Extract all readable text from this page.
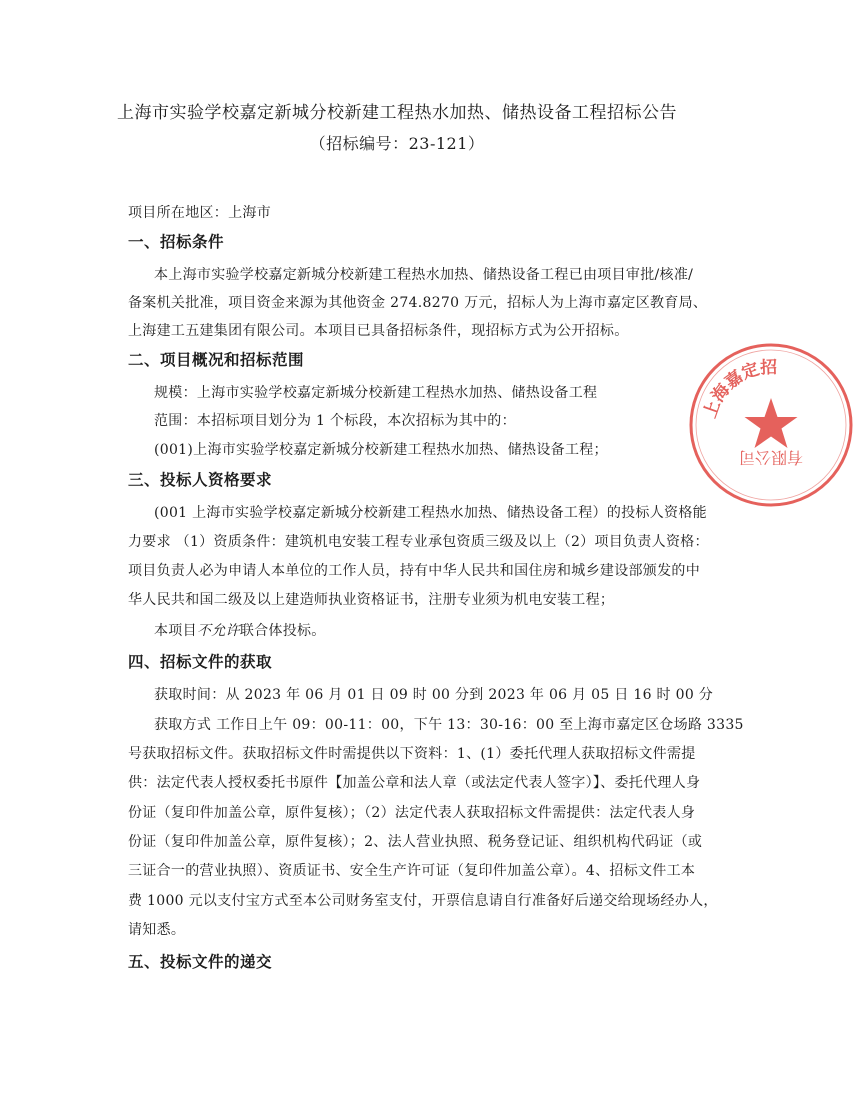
上海市实验学校嘉定新城分校新建工程热水加热、储热设备工程招标公告
（招标编号：23-121）
项目所在地区：上海市
一、招标条件
本上海市实验学校嘉定新城分校新建工程热水加热、储热设备工程已由项目审批/核准/
备案机关批准，项目资金来源为其他资金 274.8270 万元，招标人为上海市嘉定区教育局、
上海建工五建集团有限公司。本项目已具备招标条件，现招标方式为公开招标。
二、项目概况和招标范围
规模：上海市实验学校嘉定新城分校新建工程热水加热、储热设备工程
范围：本招标项目划分为 1 个标段，本次招标为其中的：
(001)上海市实验学校嘉定新城分校新建工程热水加热、储热设备工程；
三、投标人资格要求
(001 上海市实验学校嘉定新城分校新建工程热水加热、储热设备工程）的投标人资格能
力要求 （1）资质条件：建筑机电安装工程专业承包资质三级及以上（2）项目负责人资格：
项目负责人必为申请人本单位的工作人员，持有中华人民共和国住房和城乡建设部颁发的中
华人民共和国二级及以上建造师执业资格证书，注册专业须为机电安装工程；
本项目不允许联合体投标。
四、招标文件的获取
获取时间：从 2023 年 06 月 01 日 09 时 00 分到 2023 年 06 月 05 日 16 时 00 分
获取方式 工作日上午 09：00-11：00，下午 13：30-16：00 至上海市嘉定区仓场路 3335
号获取招标文件。获取招标文件时需提供以下资料：1、(1）委托代理人获取招标文件需提
供：法定代表人授权委托书原件【加盖公章和法人章（或法定代表人签字）】、委托代理人身
份证（复印件加盖公章，原件复核）；（2）法定代表人获取招标文件需提供：法定代表人身
份证（复印件加盖公章，原件复核）；2、法人营业执照、税务登记证、组织机构代码证（或
三证合一的营业执照）、资质证书、安全生产许可证（复印件加盖公章）。4、招标文件工本
费 1000 元以支付宝方式至本公司财务室支付，开票信息请自行准备好后递交给现场经办人，
请知悉。
五、投标文件的递交
上海嘉定招
有限公司
